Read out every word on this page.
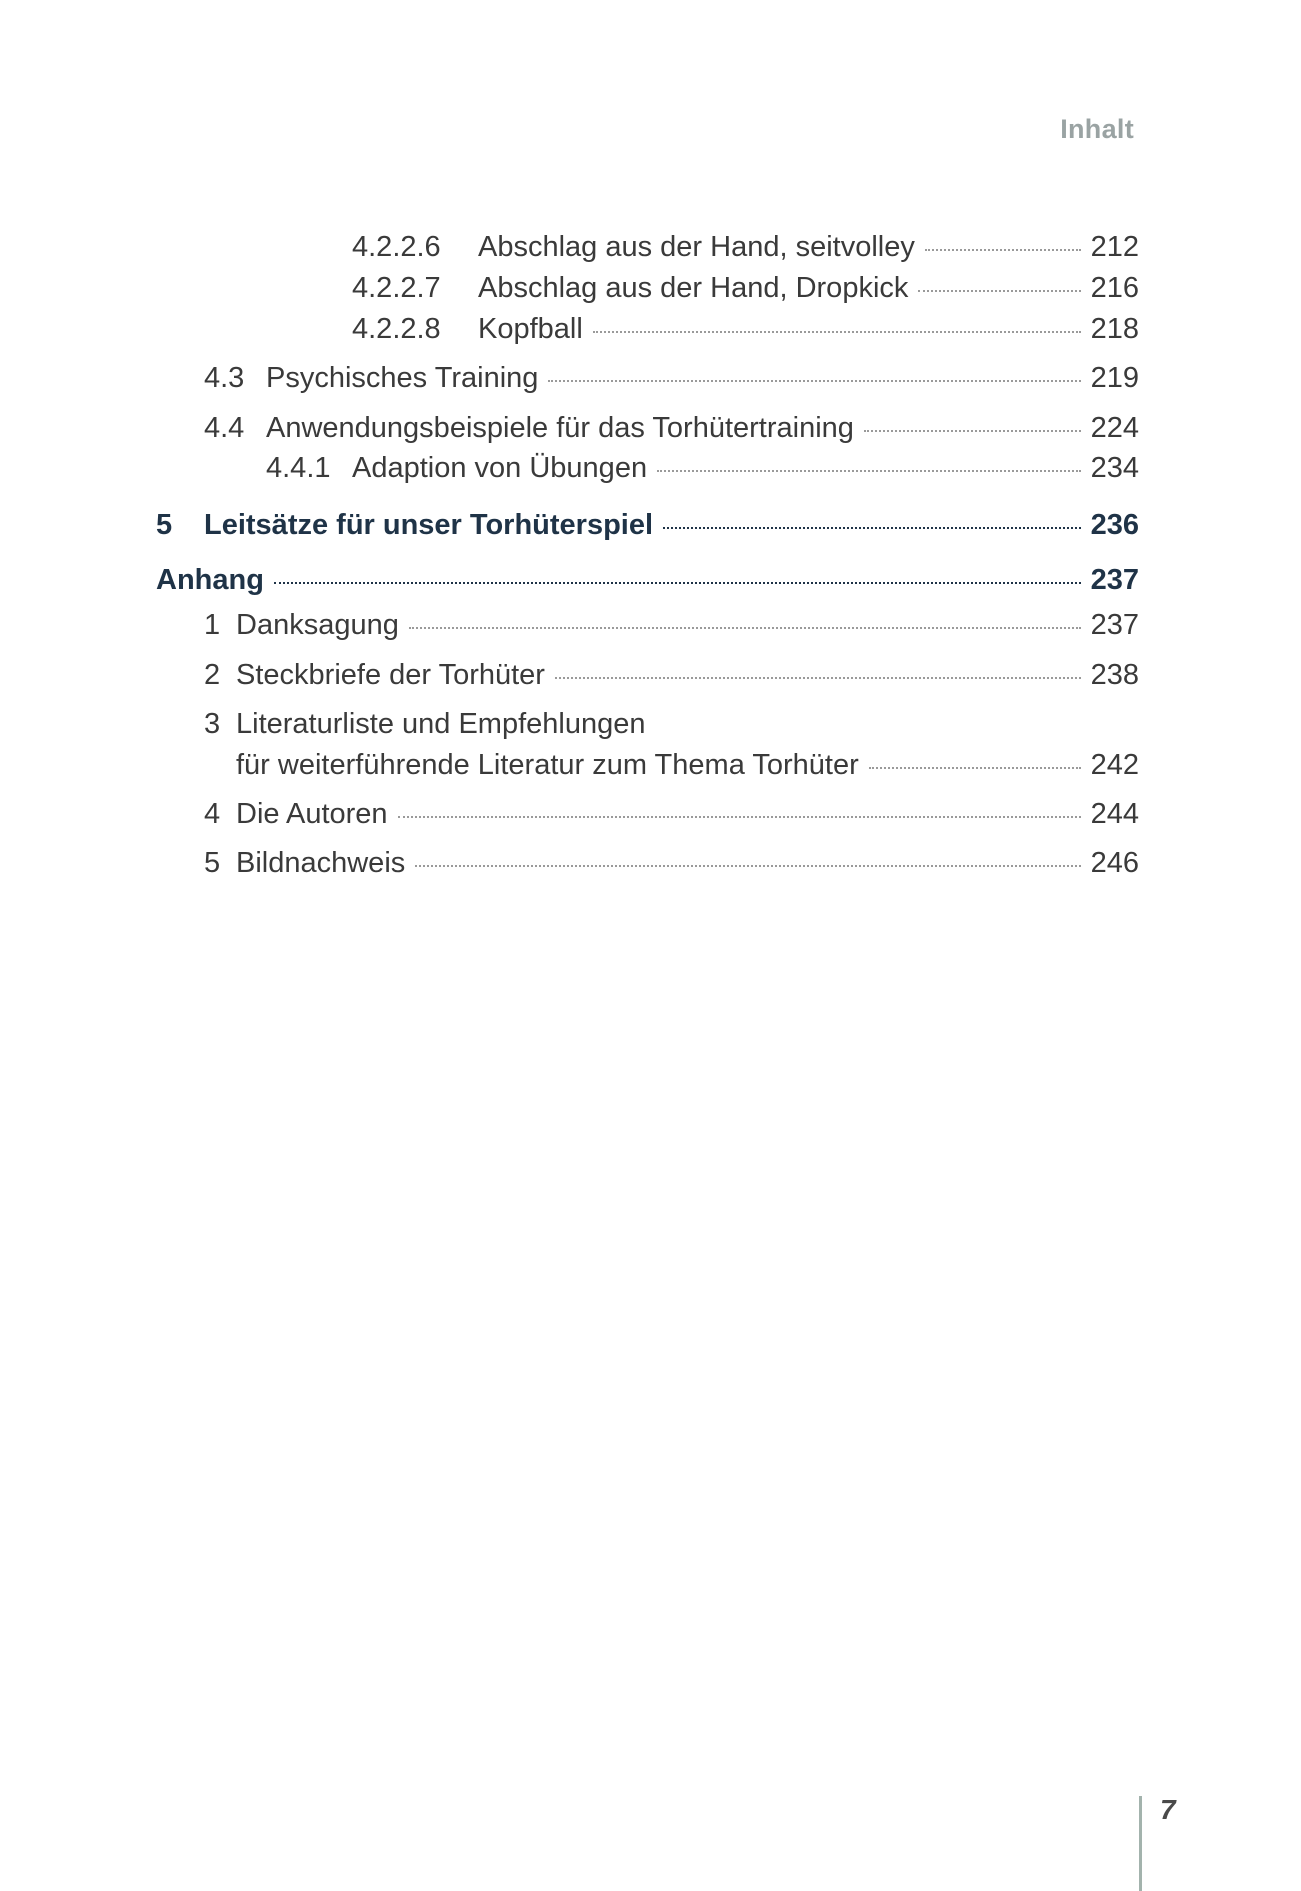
Inhalt
4.2.2.6	Abschlag aus der Hand, seitvolley	212
4.2.2.7	Abschlag aus der Hand, Dropkick	216
4.2.2.8	Kopfball	218
4.3 Psychisches Training	219
4.4 Anwendungsbeispiele für das Torhütertraining	224
4.4.1 Adaption von Übungen	234
5	Leitsätze für unser Torhüterspiel	236
Anhang	237
1 Danksagung	237
2 Steckbriefe der Torhüter	238
3 Literaturliste und Empfehlungen
für weiterführende Literatur zum Thema Torhüter	242
4 Die Autoren	244
5 Bildnachweis	246
7
